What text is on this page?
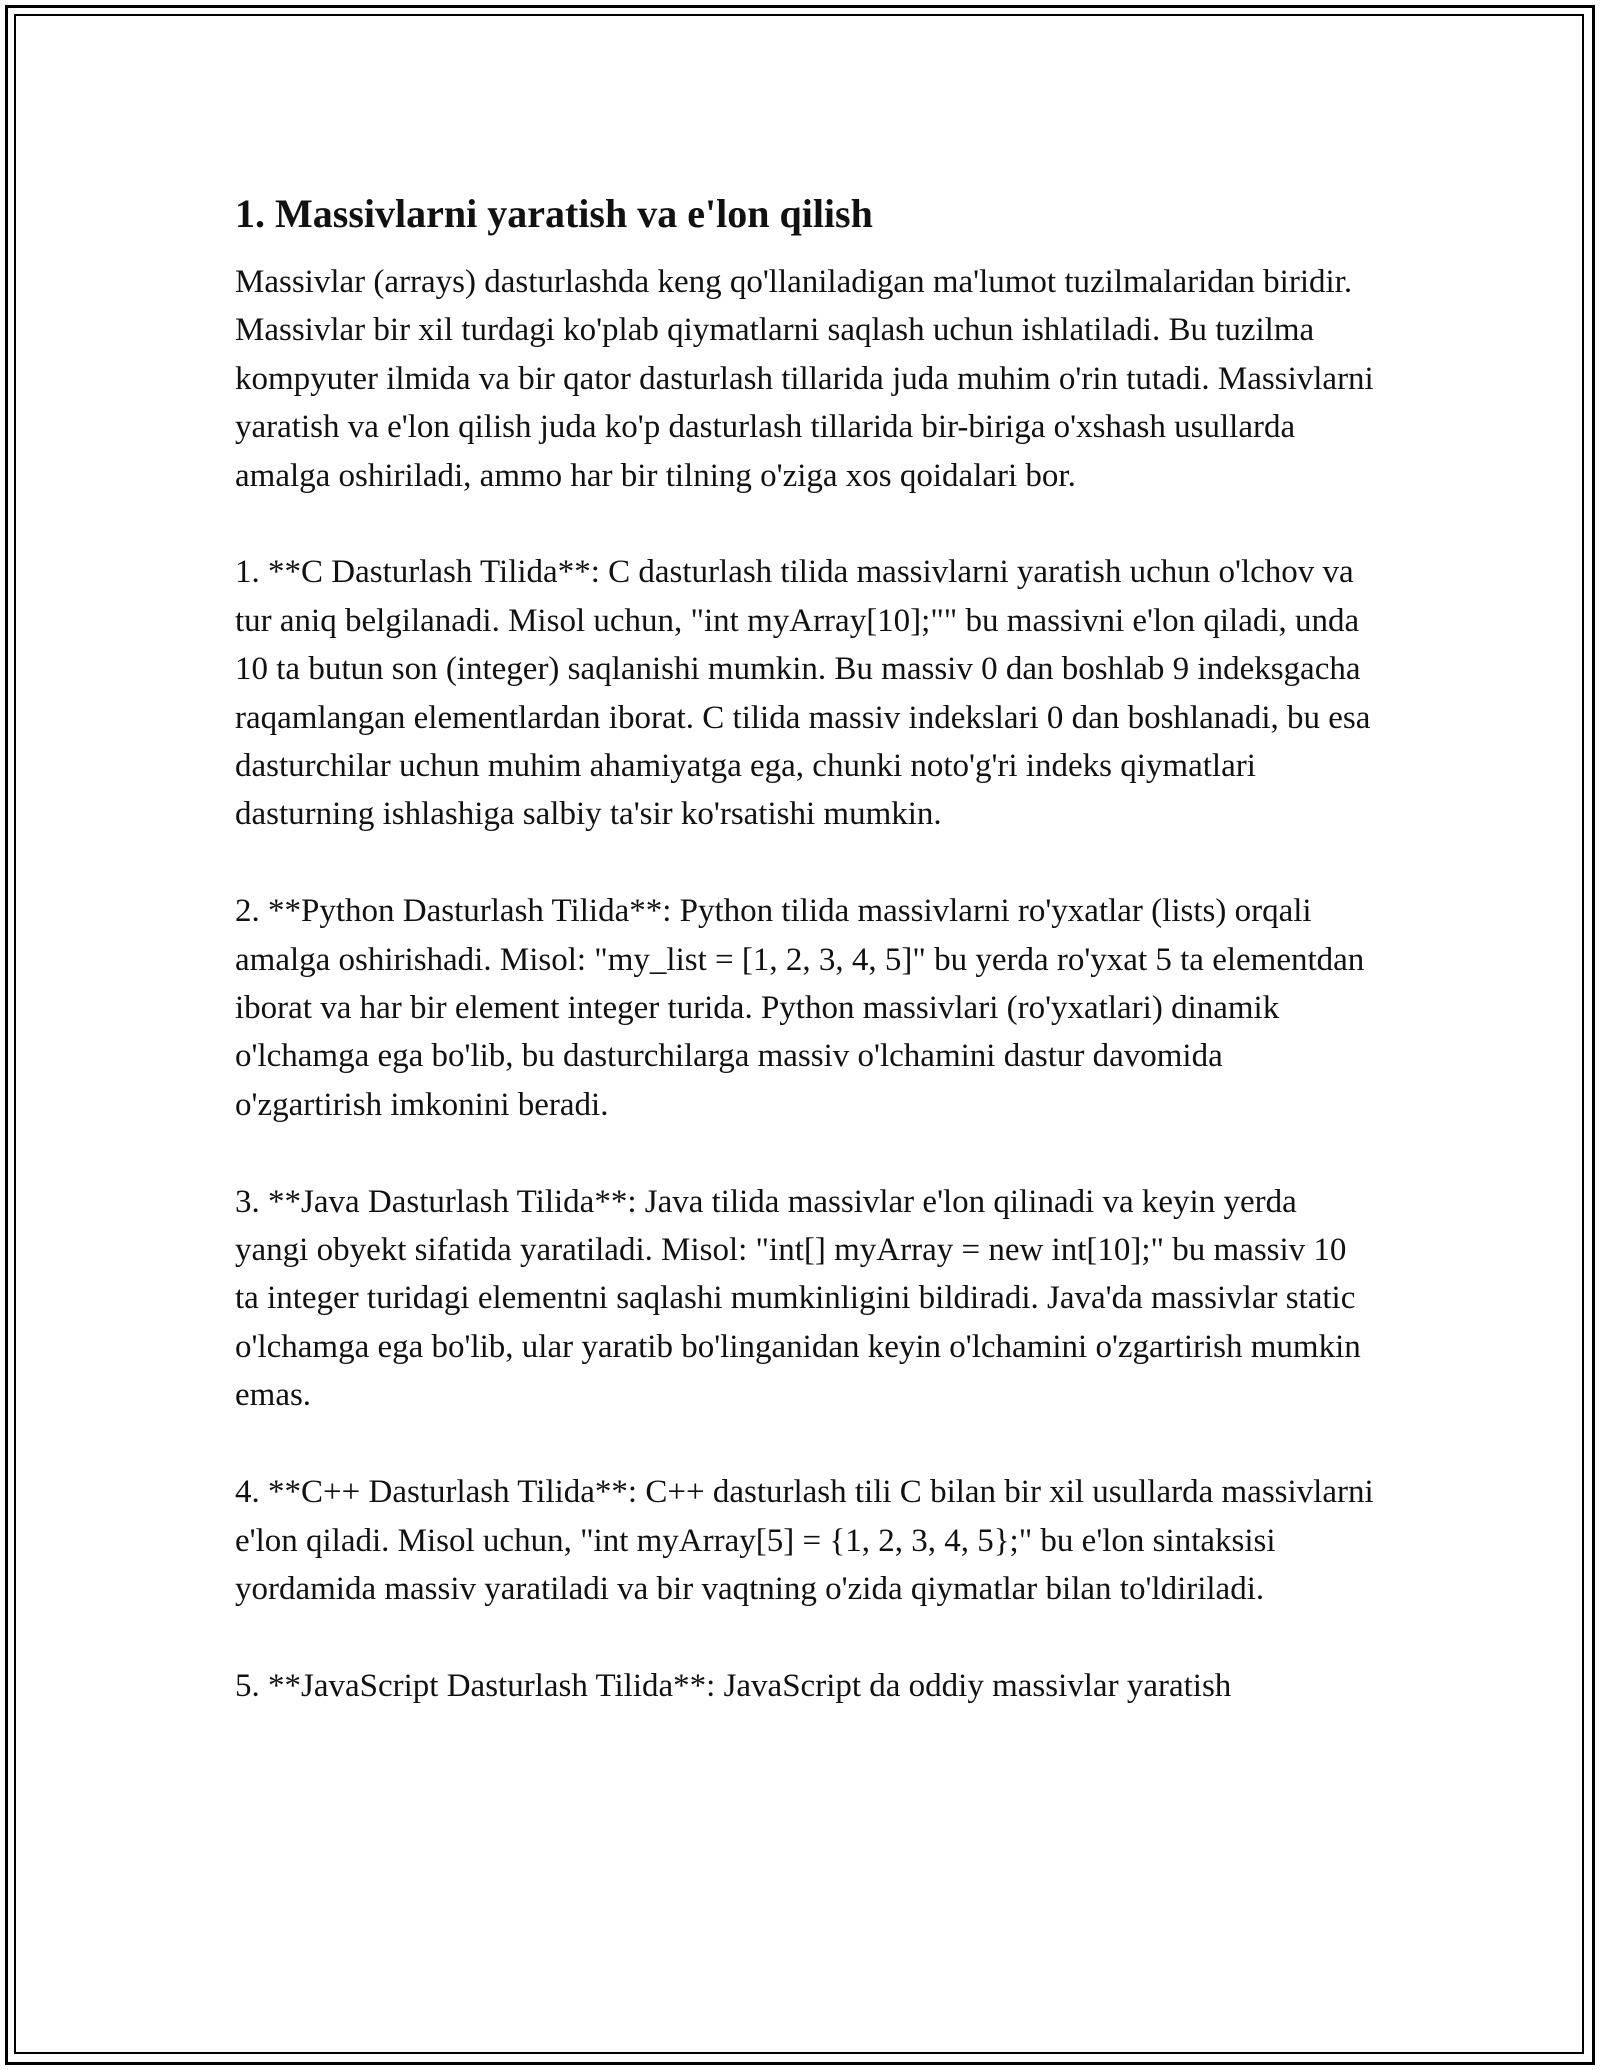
1. Massivlarni yaratish va e'lon qilish

Massivlar (arrays) dasturlashda keng qo'llaniladigan ma'lumot tuzilmalaridan biridir. Massivlar bir xil turdagi ko'plab qiymatlarni saqlash uchun ishlatiladi. Bu tuzilma kompyuter ilmida va bir qator dasturlash tillarida juda muhim o'rin tutadi. Massivlarni yaratish va e'lon qilish juda ko'p dasturlash tillarida bir-biriga o'xshash usullarda amalga oshiriladi, ammo har bir tilning o'ziga xos qoidalari bor.

1. **C Dasturlash Tilida**: C dasturlash tilida massivlarni yaratish uchun o'lchov va tur aniq belgilanadi. Misol uchun, "int myArray[10];"" bu massivni e'lon qiladi, unda 10 ta butun son (integer) saqlanishi mumkin. Bu massiv 0 dan boshlab 9 indeksgacha raqamlangan elementlardan iborat. C tilida massiv indekslari 0 dan boshlanadi, bu esa dasturchilar uchun muhim ahamiyatga ega, chunki noto'g'ri indeks qiymatlari dasturning ishlashiga salbiy ta'sir ko'rsatishi mumkin.

2. **Python Dasturlash Tilida**: Python tilida massivlarni ro'yxatlar (lists) orqali amalga oshirishadi. Misol: "my_list = [1, 2, 3, 4, 5]" bu yerda ro'yxat 5 ta elementdan iborat va har bir element integer turida. Python massivlari (ro'yxatlari) dinamik o'lchamga ega bo'lib, bu dasturchilarga massiv o'lchamini dastur davomida o'zgartirish imkonini beradi.

3. **Java Dasturlash Tilida**: Java tilida massivlar e'lon qilinadi va keyin yerda yangi obyekt sifatida yaratiladi. Misol: "int[] myArray = new int[10];" bu massiv 10 ta integer turidagi elementni saqlashi mumkinligini bildiradi. Java'da massivlar static o'lchamga ega bo'lib, ular yaratib bo'linganidan keyin o'lchamini o'zgartirish mumkin emas.

4. **C++ Dasturlash Tilida**: C++ dasturlash tili C bilan bir xil usullarda massivlarni e'lon qiladi. Misol uchun, "int myArray[5] = {1, 2, 3, 4, 5};" bu e'lon sintaksisi yordamida massiv yaratiladi va bir vaqtning o'zida qiymatlar bilan to'ldiriladi.

5. **JavaScript Dasturlash Tilida**: JavaScript da oddiy massivlar yaratish
